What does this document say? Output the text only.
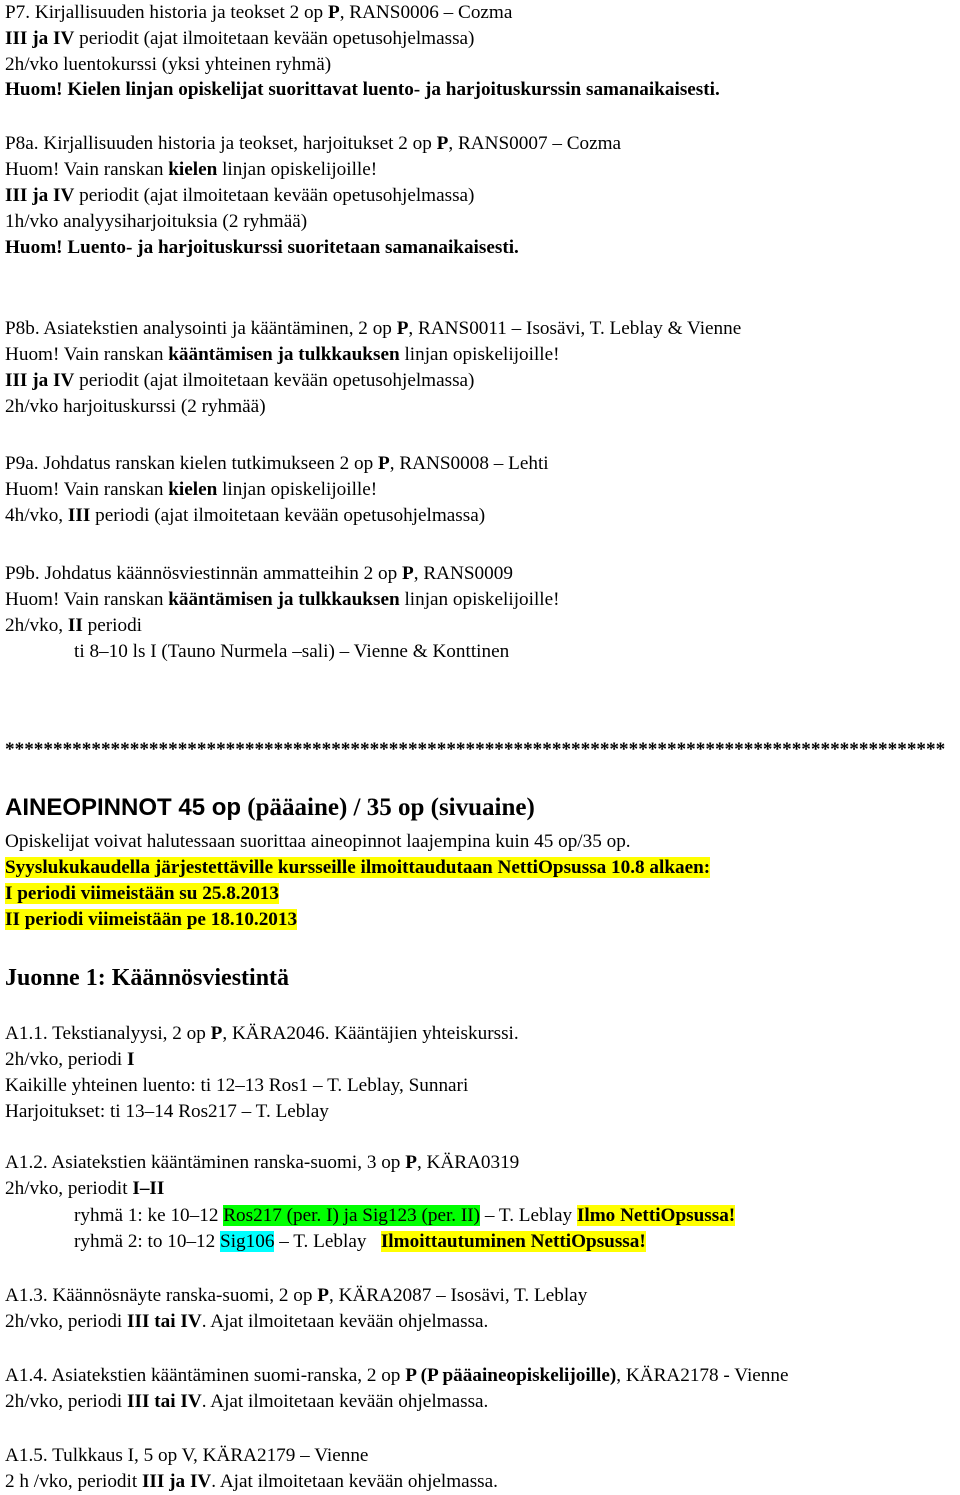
P7. Kirjallisuuden historia ja teokset 2 op P, RANS0006 – Cozma
III ja IV periodit (ajat ilmoitetaan kevään opetusohjelmassa)
2h/vko luentokurssi (yksi yhteinen ryhmä)
Huom! Kielen linjan opiskelijat suorittavat luento- ja harjoituskurssin samanaikaisesti.
P8a. Kirjallisuuden historia ja teokset, harjoitukset 2 op P, RANS0007 – Cozma
Huom! Vain ranskan kielen linjan opiskelijoille!
III ja IV periodit (ajat ilmoitetaan kevään opetusohjelmassa)
1h/vko analyysiharjoituksia (2 ryhmää)
Huom! Luento- ja harjoituskurssi suoritetaan samanaikaisesti.
P8b. Asiatekstien analysointi ja kääntäminen, 2 op P, RANS0011 – Isosävi, T. Leblay & Vienne
Huom! Vain ranskan kääntämisen ja tulkkauksen linjan opiskelijoille!
III ja IV periodit (ajat ilmoitetaan kevään opetusohjelmassa)
2h/vko harjoituskurssi (2 ryhmää)
P9a. Johdatus ranskan kielen tutkimukseen 2 op P, RANS0008 – Lehti
Huom! Vain ranskan kielen linjan opiskelijoille!
4h/vko, III periodi (ajat ilmoitetaan kevään opetusohjelmassa)
P9b. Johdatus käännösviestinnän ammatteihin 2 op P, RANS0009
Huom! Vain ranskan kääntämisen ja tulkkauksen linjan opiskelijoille!
2h/vko, II periodi
ti 8–10 ls I (Tauno Nurmela –sali) – Vienne & Konttinen
**************************************************************************************************
AINEOPINNOT 45 op (pääaine) / 35 op (sivuaine)
Opiskelijat voivat halutessaan suorittaa aineopinnot laajempina kuin 45 op/35 op.
Syyslukukaudella järjestettäville kursseille ilmoittaudutaan NettiOpsussa 10.8 alkaen:
I periodi viimeistään su 25.8.2013
II periodi viimeistään pe 18.10.2013
Juonne 1: Käännösviestintä
A1.1. Tekstianalyysi, 2 op P, KÄRA2046. Kääntäjien yhteiskurssi.
2h/vko, periodi I
Kaikille yhteinen luento: ti 12–13 Ros1 – T. Leblay, Sunnari
Harjoitukset: ti 13–14 Ros217 – T. Leblay
A1.2. Asiatekstien kääntäminen ranska-suomi, 3 op P, KÄRA0319
2h/vko, periodit I–II
ryhmä 1: ke 10–12 Ros217 (per. I) ja Sig123 (per. II) – T. Leblay Ilmo NettiOpsussa!
ryhmä 2: to 10–12 Sig106 – T. Leblay   Ilmoittautuminen NettiOpsussa!
A1.3. Käännösnäyte ranska-suomi, 2 op P, KÄRA2087 – Isosävi, T. Leblay
2h/vko, periodi III tai IV. Ajat ilmoitetaan kevään ohjelmassa.
A1.4. Asiatekstien kääntäminen suomi-ranska, 2 op P (P pääaineopiskelijoille), KÄRA2178 - Vienne
2h/vko, periodi III tai IV. Ajat ilmoitetaan kevään ohjelmassa.
A1.5. Tulkkaus I, 5 op V, KÄRA2179 – Vienne
2 h /vko, periodit III ja IV. Ajat ilmoitetaan kevään ohjelmassa.
